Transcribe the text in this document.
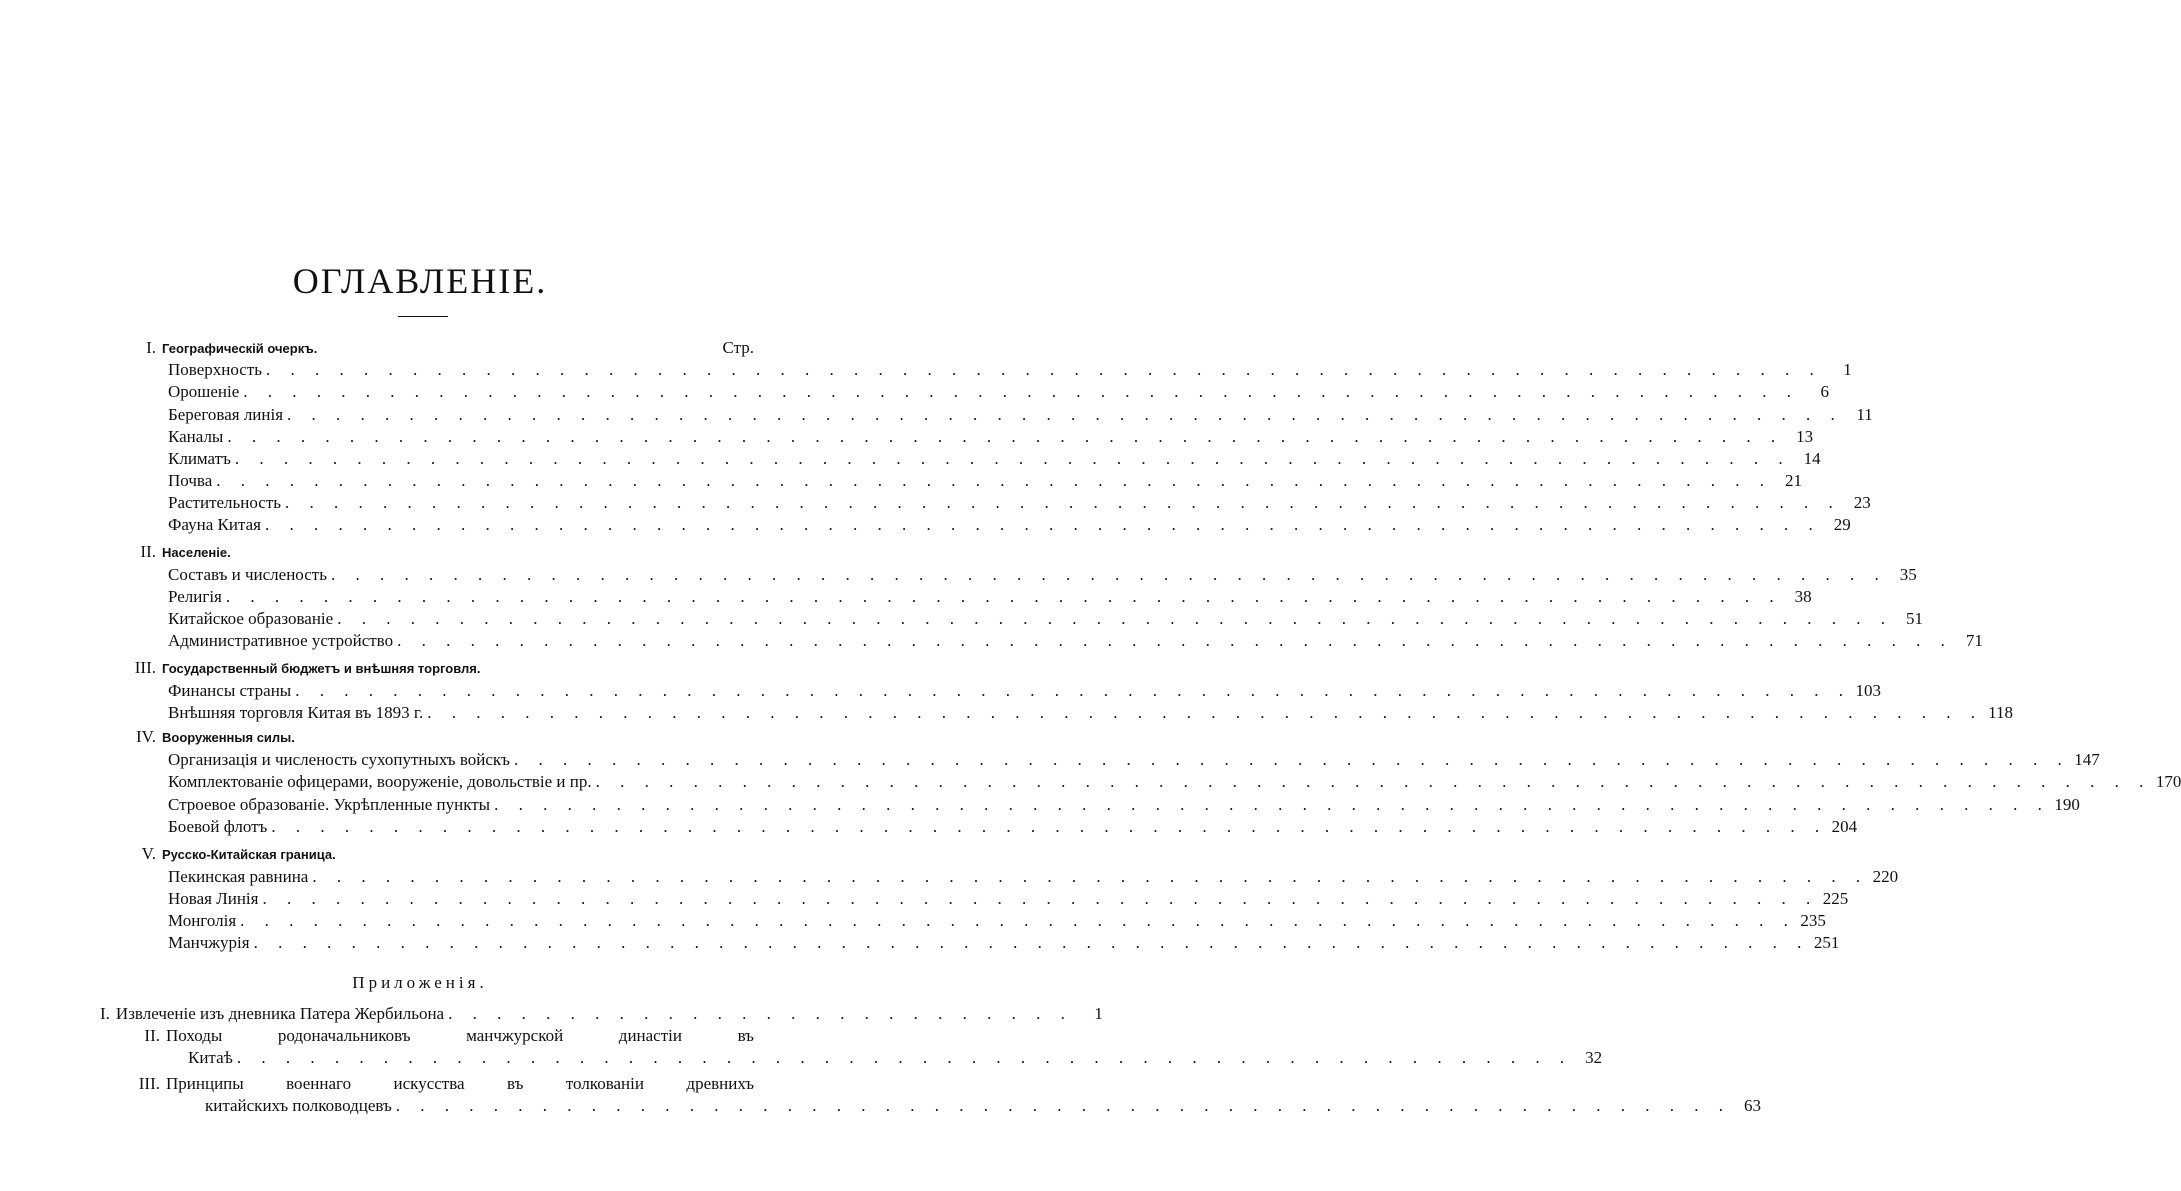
ОГЛАВЛЕНІЕ.
I. Географическій очеркъ.	Стр.
Поверхность . . .	1
Орошеніе . . .	6
Береговая линія . . .	11
Каналы . . .	13
Климатъ . . .	14
Почва . . .	21
Растительность . . .	23
Фауна Китая . . .	29
II. Населеніе.
Составъ и численость . . .	35
Религія . . .	38
Китайское образованіе . . .	51
Административное устройство . . .	71
III. Государственный бюджетъ и внѣшняя торговля.
Финансы страны . . .	103
Внѣшняя торговля Китая въ 1893 г. . . .	118
IV. Вооруженныя силы.
Организація и численость сухопутныхъ войскъ . . .	147
Комплектованіе офицерами, вооруженіе, довольствіе и пр. . . .	170
Строевое образованіе. Укрѣпленные пункты . . .	190
Боевой флотъ . . .	204
V. Русско-Китайская граница.
Пекинская равнина . . .	220
Новая Линія . . .	225
Монголія . . .	235
Манчжурія . . .	251
Приложенія.
I. Извлеченіе изъ дневника Патера Жербильона . . . . . . . . . . . . . . . . . . . . . . . . . .	1
II. Походы	родоначальниковъ	манчжурской	династіи	въ
Китаѣ . . .	32
III. Принципы военнаго искусства въ толкованіи древнихъ
китайскихъ полководцевъ . . .	63
